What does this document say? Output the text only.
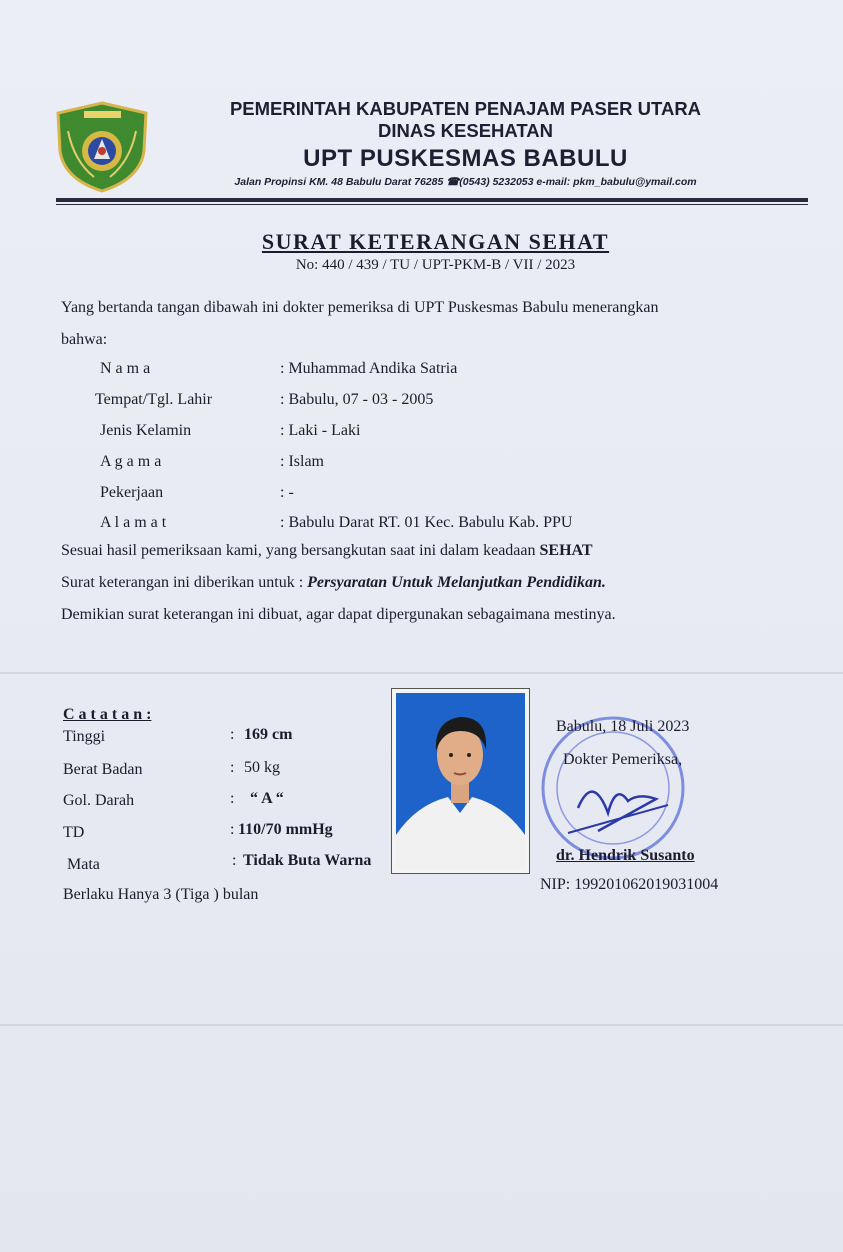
PEMERINTAH KABUPATEN PENAJAM PASER UTARA
DINAS KESEHATAN
UPT PUSKESMAS BABULU
Jalan Propinsi KM. 48 Babulu Darat 76285 ☎(0543) 5232053 e-mail: pkm_babulu@ymail.com
SURAT KETERANGAN SEHAT
No: 440 / 439 / TU / UPT-PKM-B / VII / 2023
Yang bertanda tangan dibawah ini dokter pemeriksa di UPT Puskesmas Babulu menerangkan
bahwa:
N a m a	: Muhammad Andika Satria
Tempat/Tgl. Lahir	: Babulu, 07 - 03 - 2005
Jenis Kelamin	: Laki - Laki
A g a m a	: Islam
Pekerjaan	: -
A l a m a t	: Babulu Darat RT. 01 Kec. Babulu Kab. PPU
Sesuai hasil pemeriksaan kami, yang bersangkutan saat ini dalam keadaan SEHAT
Surat keterangan ini diberikan untuk : Persyaratan Untuk Melanjutkan Pendidikan.
Demikian surat keterangan ini dibuat, agar dapat dipergunakan sebagaimana mestinya.
C a t a t a n :
Tinggi	: 169 cm
Berat Badan	: 50 kg
Gol. Darah	: “ A “
TD	: 110/70 mmHg
Mata	: Tidak Buta Warna
Berlaku Hanya 3 (Tiga ) bulan
Babulu, 18 Juli 2023
Dokter Pemeriksa,
dr. Hendrik Susanto
NIP: 199201062019031004
